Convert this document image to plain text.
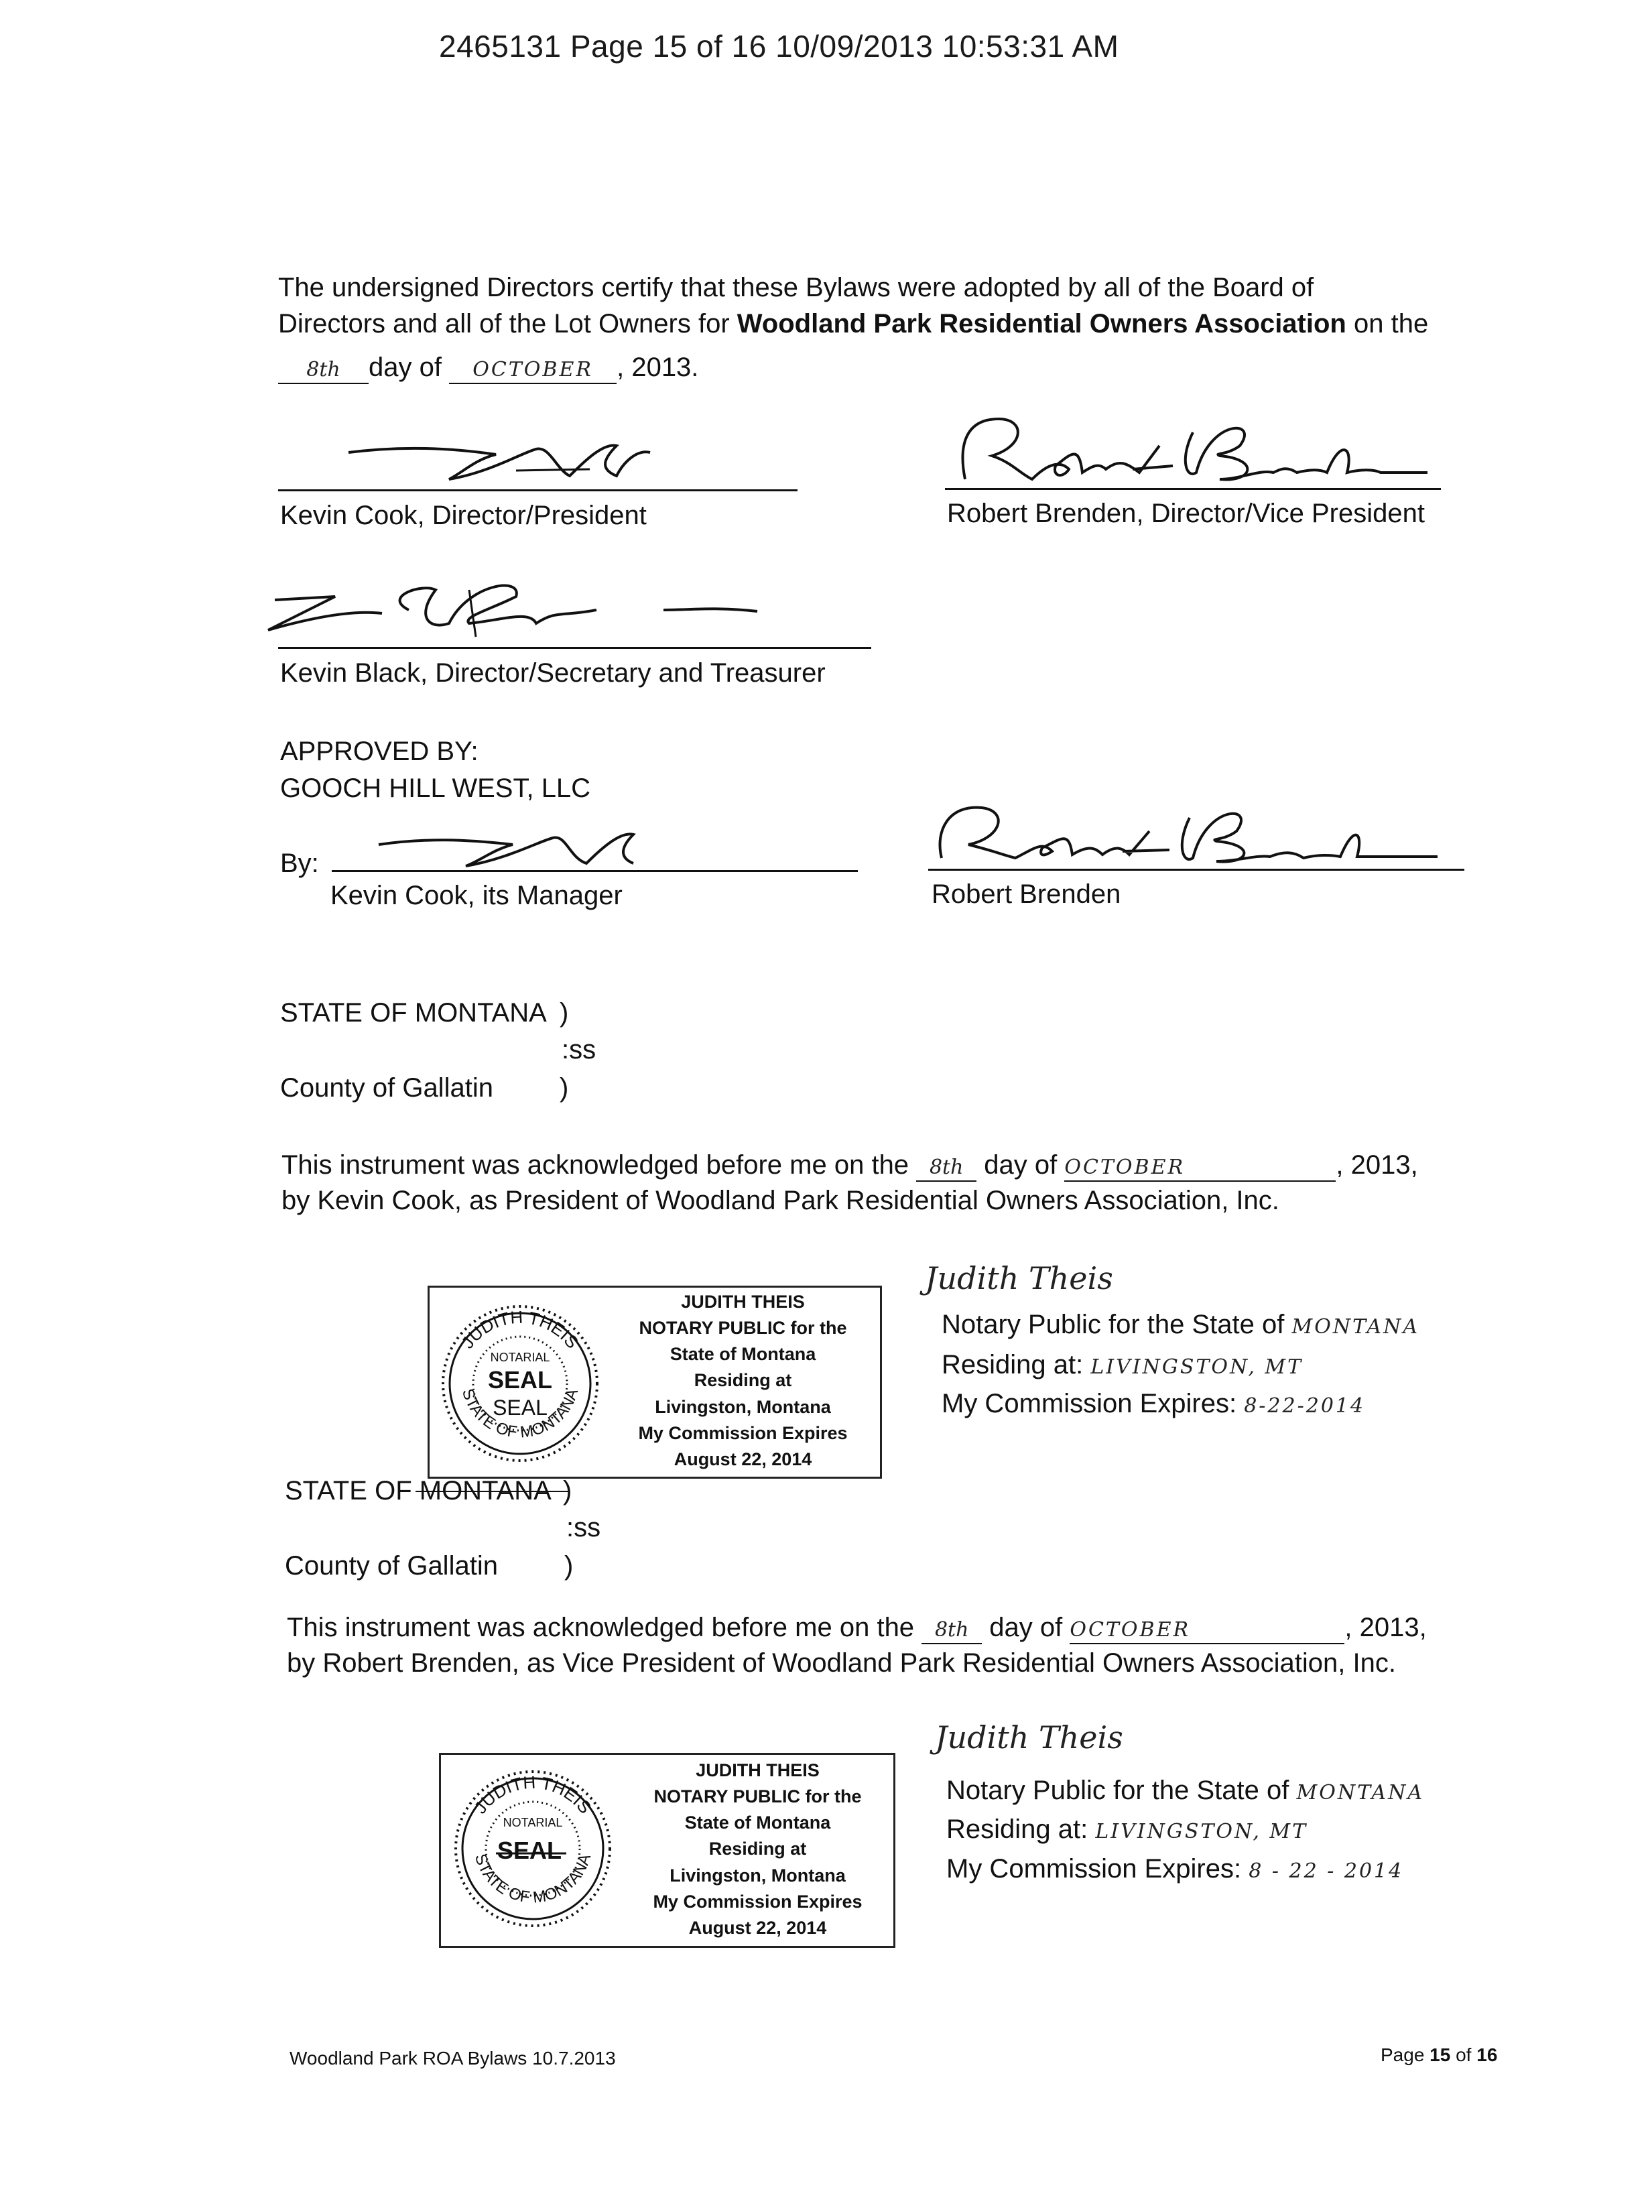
2465131 Page 15 of 16 10/09/2013 10:53:31 AM
The undersigned Directors certify that these Bylaws were adopted by all of the Board of
Directors and all of the Lot Owners for Woodland Park Residential Owners Association on the
8th day of OCTOBER , 2013.
Kevin Cook, Director/President	Robert Brenden, Director/Vice President
Kevin Black, Director/Secretary and Treasurer
APPROVED BY:
GOOCH HILL WEST, LLC
By:
Kevin Cook, its Manager	Robert Brenden
STATE OF MONTANA )
:ss
County of Gallatin )
This instrument was acknowledged before me on the 8th day of OCTOBER	, 2013,
by Kevin Cook, as President of Woodland Park Residential Owners Association, Inc.
JUDITH THEIS
STATE OF MONTANA
NOTARIAL
SEAL
SEAL
JUDITH THEIS
NOTARY PUBLIC for the
State of Montana
Residing at
Livingston, Montana
My Commission Expires
August 22, 2014
Judith Theis
Notary Public for the State of MONTANA
Residing at: LIVINGSTON, MT
My Commission Expires: 8-22-2014
STATE OF MONTANA )
:ss
County of Gallatin )
This instrument was acknowledged before me on the 8th day of OCTOBER	, 2013,
by Robert Brenden, as Vice President of Woodland Park Residential Owners Association, Inc.
JUDITH THEIS
STATE OF MONTANA
NOTARIAL
SEAL
JUDITH THEIS
NOTARY PUBLIC for the
State of Montana
Residing at
Livingston, Montana
My Commission Expires
August 22, 2014
Judith Theis
Notary Public for the State of MONTANA
Residing at: LIVINGSTON, MT
My Commission Expires: 8 - 22 - 2014
Woodland Park ROA Bylaws 10.7.2013	Page 15 of 16
